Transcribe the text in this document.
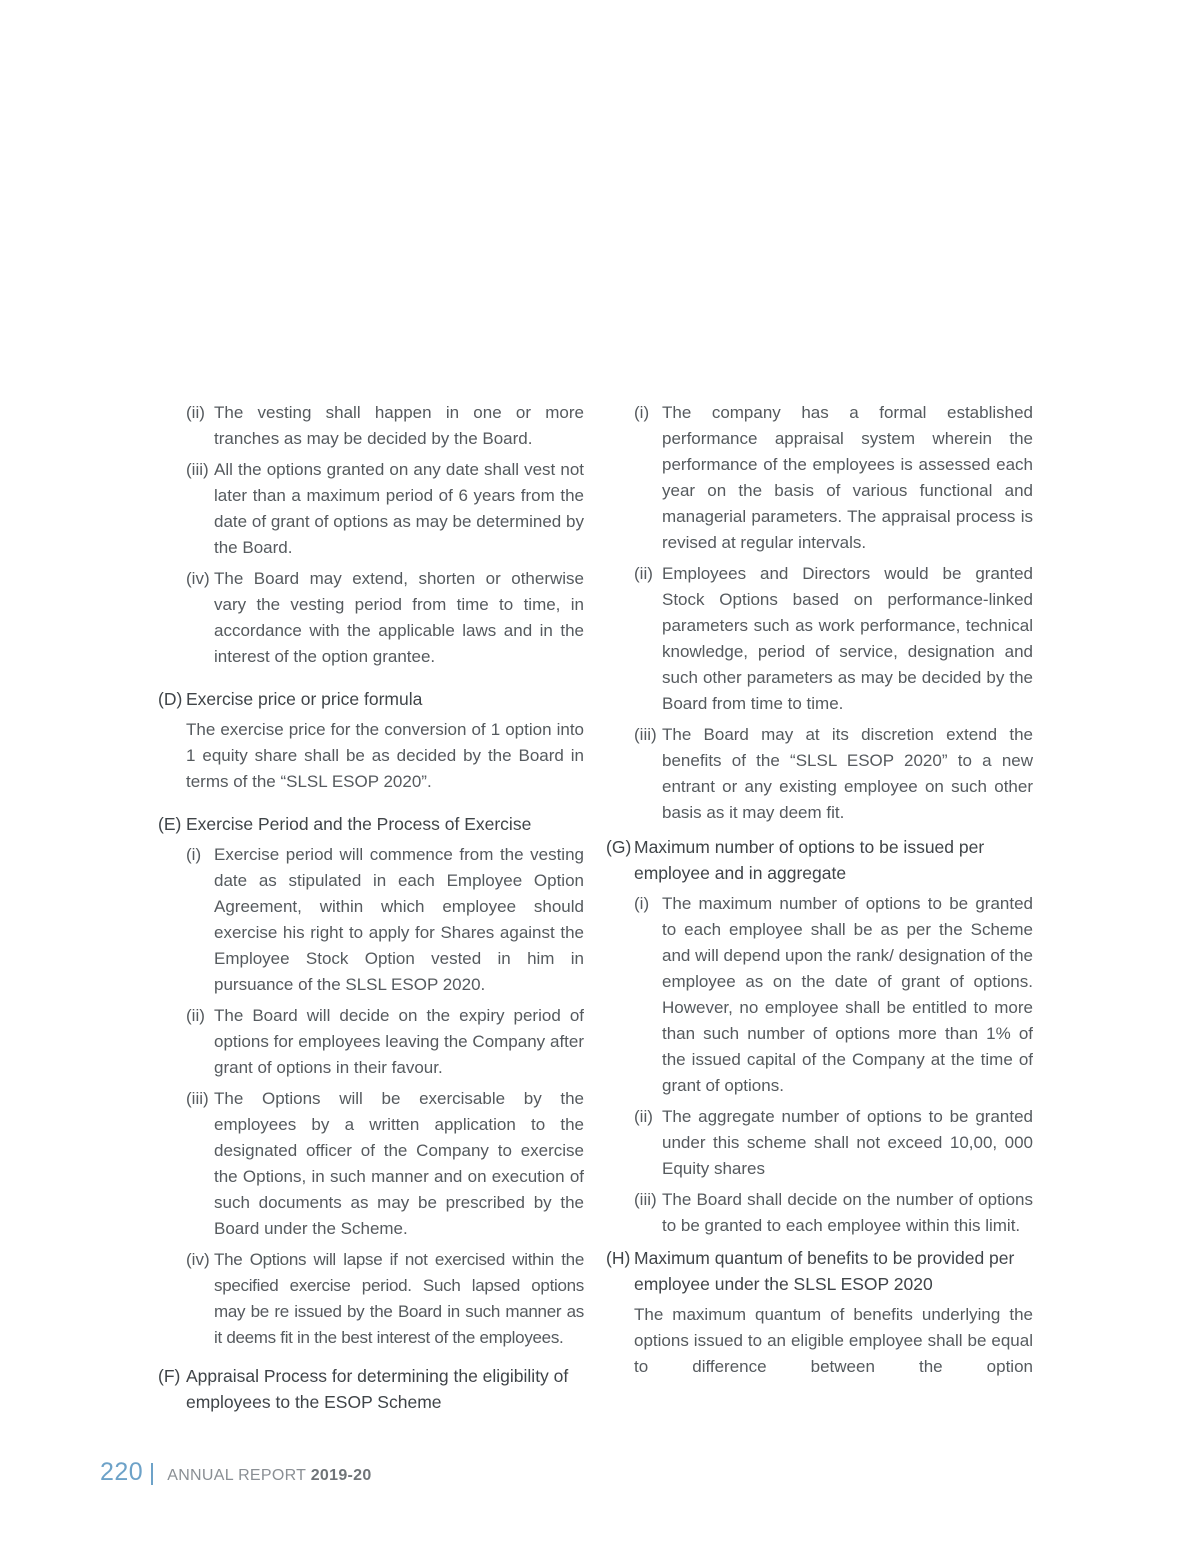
(ii) The vesting shall happen in one or more tranches as may be decided by the Board.
(iii) All the options granted on any date shall vest not later than a maximum period of 6 years from the date of grant of options as may be determined by the Board.
(iv) The Board may extend, shorten or otherwise vary the vesting period from time to time, in accordance with the applicable laws and in the interest of the option grantee.
(D) Exercise price or price formula
The exercise price for the conversion of 1 option into 1 equity share shall be as decided by the Board in terms of the “SLSL ESOP 2020”.
(E) Exercise Period and the Process of Exercise
(i) Exercise period will commence from the vesting date as stipulated in each Employee Option Agreement, within which employee should exercise his right to apply for Shares against the Employee Stock Option vested in him in pursuance of the SLSL ESOP 2020.
(ii) The Board will decide on the expiry period of options for employees leaving the Company after grant of options in their favour.
(iii) The Options will be exercisable by the employees by a written application to the designated officer of the Company to exercise the Options, in such manner and on execution of such documents as may be prescribed by the Board under the Scheme.
(iv) The Options will lapse if not exercised within the specified exercise period. Such lapsed options may be re issued by the Board in such manner as it deems fit in the best interest of the employees.
(F) Appraisal Process for determining the eligibility of employees to the ESOP Scheme
(i) The company has a formal established performance appraisal system wherein the performance of the employees is assessed each year on the basis of various functional and managerial parameters. The appraisal process is revised at regular intervals.
(ii) Employees and Directors would be granted Stock Options based on performance-linked parameters such as work performance, technical knowledge, period of service, designation and such other parameters as may be decided by the Board from time to time.
(iii) The Board may at its discretion extend the benefits of the “SLSL ESOP 2020” to a new entrant or any existing employee on such other basis as it may deem fit.
(G) Maximum number of options to be issued per employee and in aggregate
(i) The maximum number of options to be granted to each employee shall be as per the Scheme and will depend upon the rank/ designation of the employee as on the date of grant of options. However, no employee shall be entitled to more than such number of options more than 1% of the issued capital of the Company at the time of grant of options.
(ii) The aggregate number of options to be granted under this scheme shall not exceed 10,00, 000 Equity shares
(iii) The Board shall decide on the number of options to be granted to each employee within this limit.
(H) Maximum quantum of benefits to be provided per employee under the SLSL ESOP 2020
The maximum quantum of benefits underlying the options issued to an eligible employee shall be equal to difference between the option
220 ANNUAL REPORT 2019-20
